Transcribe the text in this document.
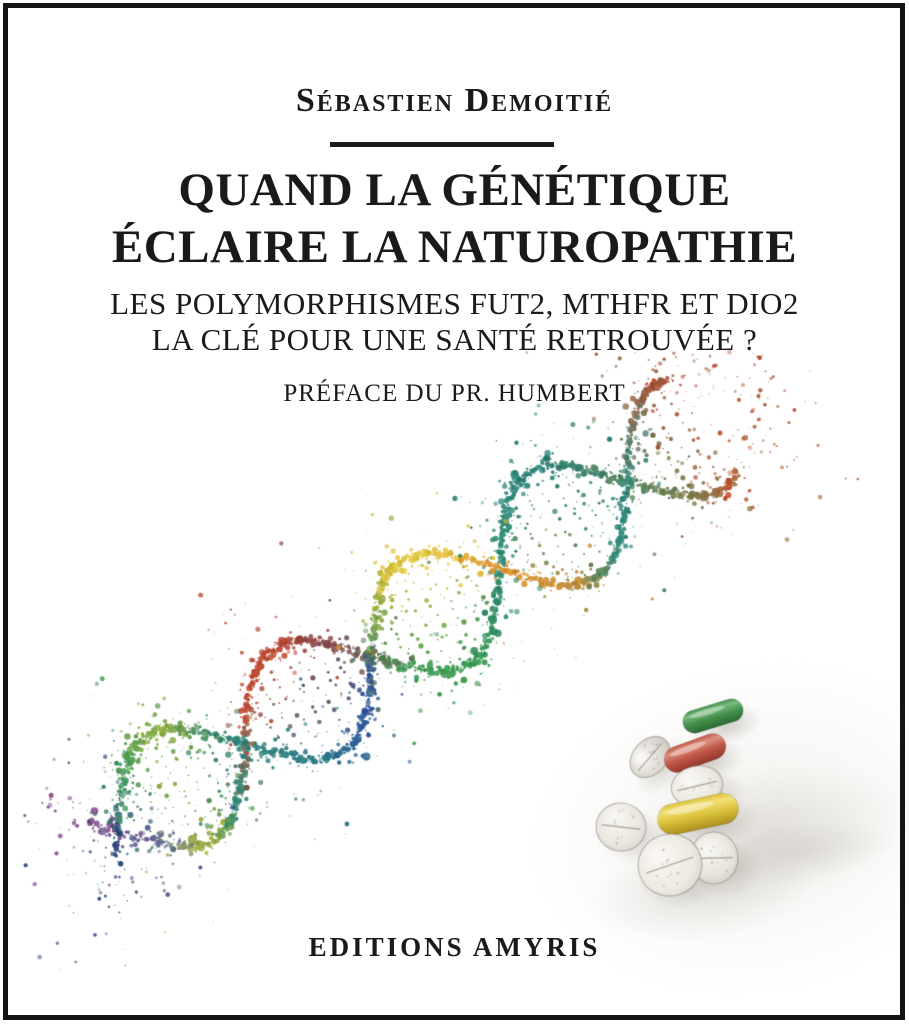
Sébastien Demoitié
QUAND LA GÉNÉTIQUE
ÉCLAIRE LA NATUROPATHIE
LES POLYMORPHISMES FUT2, MTHFR ET DIO2
LA CLÉ POUR UNE SANTÉ RETROUVÉE ?
PRÉFACE DU PR. HUMBERT
EDITIONS AMYRIS
